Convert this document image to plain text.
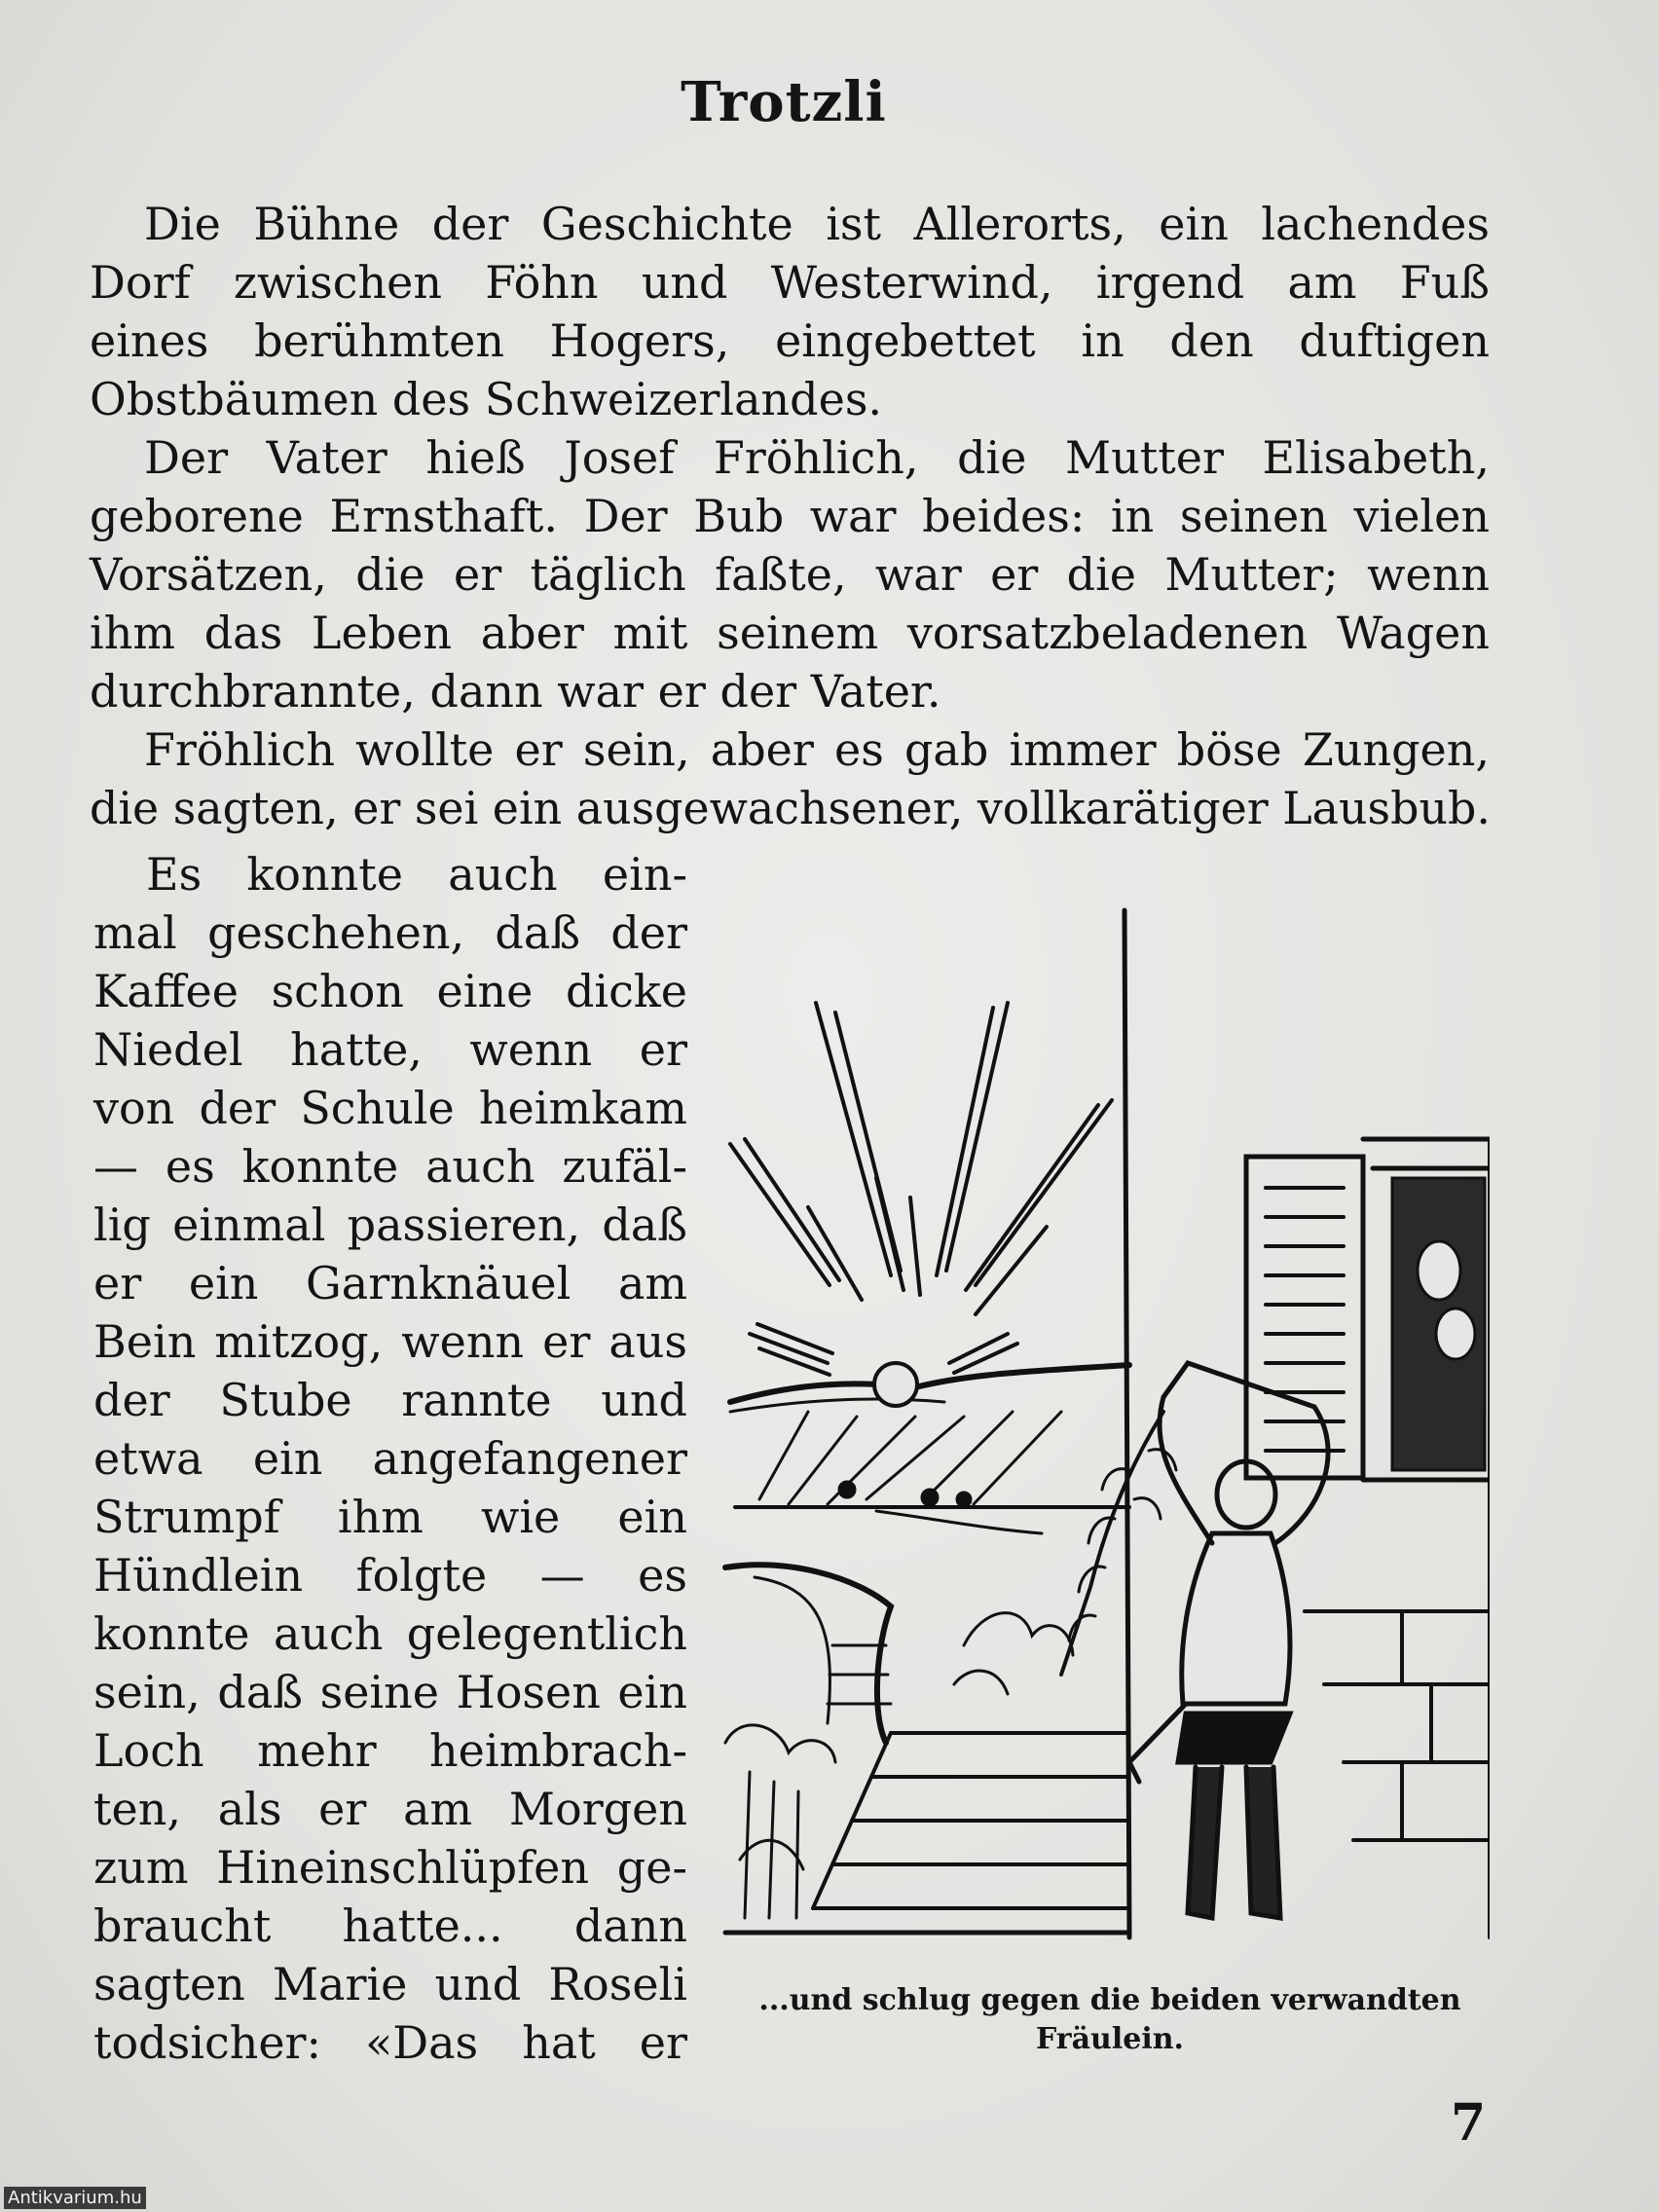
Trotzli
Die Bühne der Geschichte ist Allerorts, ein lachendes
Dorf zwischen Föhn und Westerwind, irgend am Fuß
eines berühmten Hogers, eingebettet in den duftigen
Obstbäumen des Schweizerlandes.
Der Vater hieß Josef Fröhlich, die Mutter Elisabeth,
geborene Ernsthaft. Der Bub war beides: in seinen vielen
Vorsätzen, die er täglich faßte, war er die Mutter; wenn
ihm das Leben aber mit seinem vorsatzbeladenen Wagen
durchbrannte, dann war er der Vater.
Fröhlich wollte er sein, aber es gab immer böse Zungen,
die sagten, er sei ein ausgewachsener, vollkarätiger Lausbub.
Es konnte auch ein-
mal geschehen, daß der
Kaffee schon eine dicke
Niedel hatte, wenn er
von der Schule heimkam
— es konnte auch zufäl-
lig einmal passieren, daß
er ein Garnknäuel am
Bein mitzog, wenn er aus
der Stube rannte und
etwa ein angefangener
Strumpf ihm wie ein
Hündlein folgte — es
konnte auch gelegentlich
sein, daß seine Hosen ein
Loch mehr heimbrach-
ten, als er am Morgen
zum Hineinschlüpfen ge-
braucht hatte... dann
sagten Marie und Roseli
todsicher: «Das hat er
...und schlug gegen die beiden verwandten
Fräulein.
7
Antikvarium.hu
